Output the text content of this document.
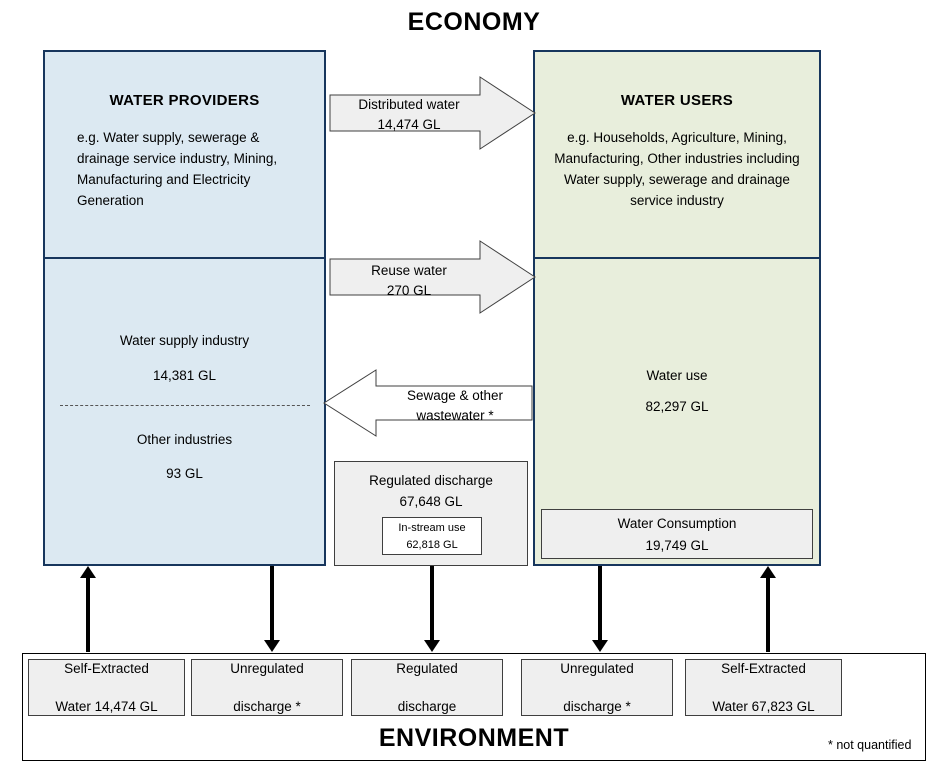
ECONOMY
WATER PROVIDERS
e.g. Water supply, sewerage & drainage service industry, Mining, Manufacturing and Electricity Generation
Water supply industry
14,381 GL
Other industries
93 GL
WATER USERS
e.g. Households, Agriculture, Mining, Manufacturing, Other industries including Water supply, sewerage and drainage service industry
Water use
82,297 GL
Water Consumption
19,749 GL
Distributed water
14,474 GL
Reuse water
270 GL
Sewage & other
wastewater *
Regulated discharge
67,648 GL
In-stream use
62,818 GL
Self-Extracted

Water 14,474 GL
Unregulated

discharge *
Regulated

discharge
Unregulated

discharge *
Self-Extracted

Water 67,823 GL
ENVIRONMENT	* not quantified
